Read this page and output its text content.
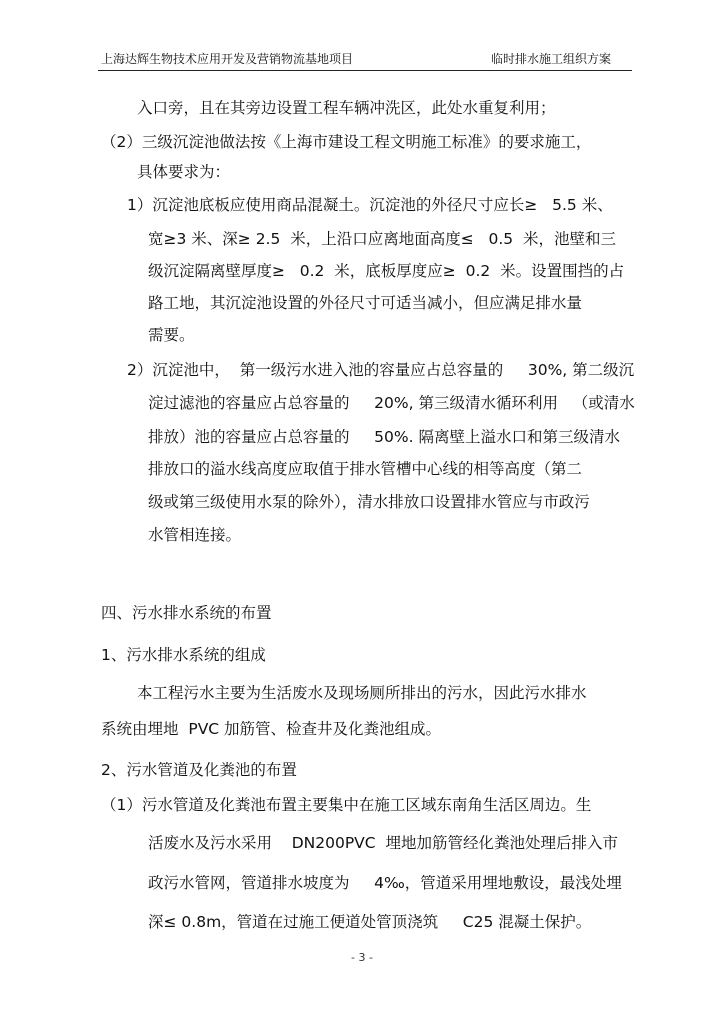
上海达辉生物技术应用开发及营销物流基地项目	临时排水施工组织方案
入口旁，且在其旁边设置工程车辆冲洗区，此处水重复利用；
（2）三级沉淀池做法按《上海市建设工程文明施工标准》的要求施工，
具体要求为：
1）沉淀池底板应使用商品混凝土。沉淀池的外径尺寸应长≥   5.5 米、
宽≥3 米、深≥ 2.5  米，上沿口应离地面高度≤   0.5  米，池壁和三
级沉淀隔离壁厚度≥   0.2  米，底板厚度应≥  0.2  米。设置围挡的占
路工地，其沉淀池设置的外径尺寸可适当减小，但应满足排水量
需要。
2）沉淀池中，  第一级污水进入池的容量应占总容量的     30%, 第二级沉
淀过滤池的容量应占总容量的     20%, 第三级清水循环利用   （或清水
排放）池的容量应占总容量的     50%. 隔离壁上溢水口和第三级清水
排放口的溢水线高度应取值于排水管槽中心线的相等高度（第二
级或第三级使用水泵的除外），清水排放口设置排水管应与市政污
水管相连接。
四、污水排水系统的布置
1、污水排水系统的组成
本工程污水主要为生活废水及现场厕所排出的污水，因此污水排水
系统由埋地  PVC 加筋管、检查井及化粪池组成。
2、污水管道及化粪池的布置
（1）污水管道及化粪池布置主要集中在施工区域东南角生活区周边。生
活废水及污水采用    DN200PVC  埋地加筋管经化粪池处理后排入市
政污水管网，管道排水坡度为     4‰，管道采用埋地敷设，最浅处埋
深≤ 0.8m，管道在过施工便道处管顶浇筑     C25 混凝土保护。
- 3 -
